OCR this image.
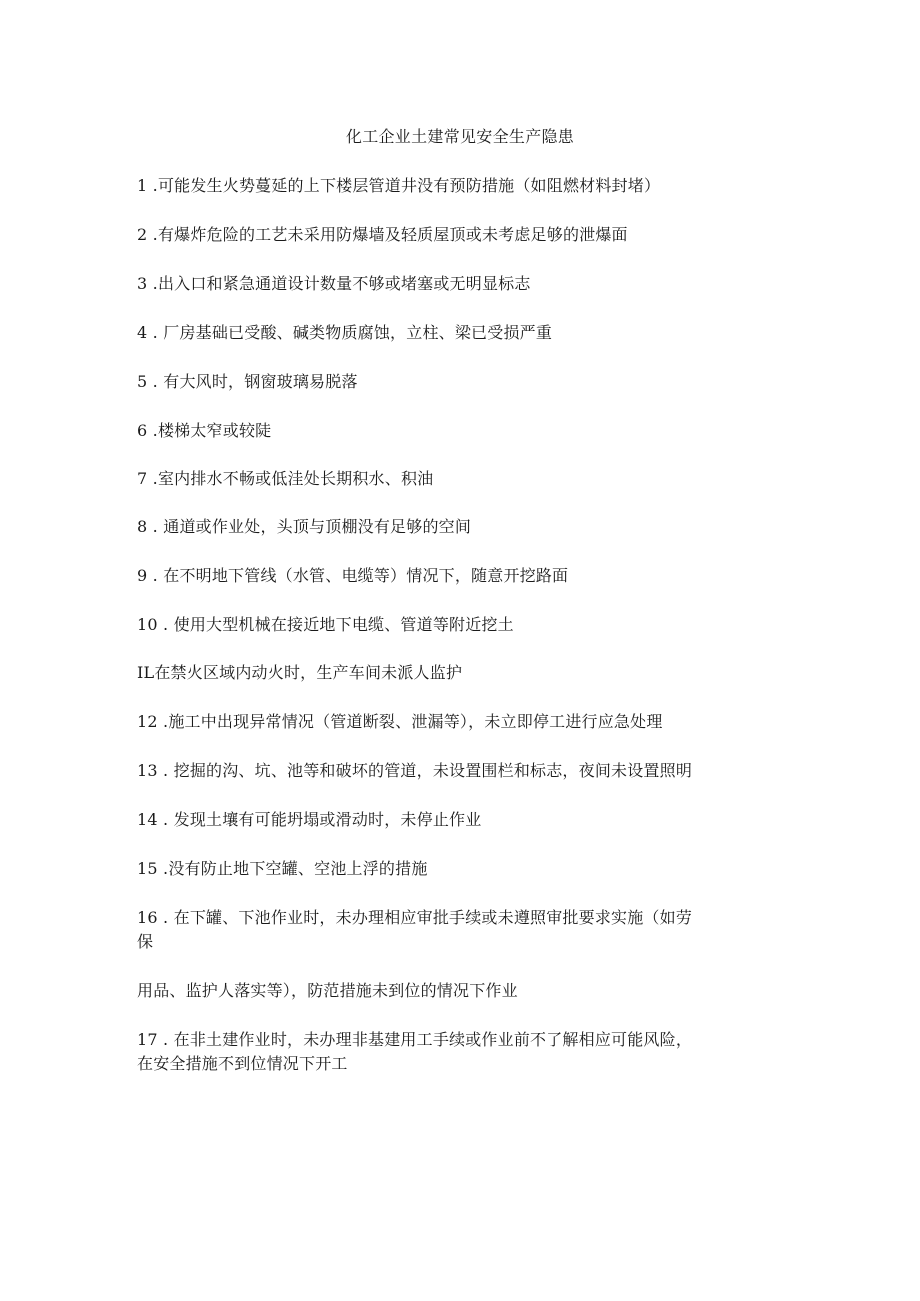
化工企业土建常见安全生产隐患
1 .可能发生火势蔓延的上下楼层管道井没有预防措施（如阻燃材料封堵）
2 .有爆炸危险的工艺未采用防爆墙及轻质屋顶或未考虑足够的泄爆面
3 .出入口和紧急通道设计数量不够或堵塞或无明显标志
4 . 厂房基础已受酸、碱类物质腐蚀，立柱、梁已受损严重
5 . 有大风时，钢窗玻璃易脱落
6 .楼梯太窄或较陡
7 .室内排水不畅或低洼处长期积水、积油
8 . 通道或作业处，头顶与顶棚没有足够的空间
9 . 在不明地下管线（水管、电缆等）情况下，随意开挖路面
10 . 使用大型机械在接近地下电缆、管道等附近挖土
IL在禁火区域内动火时，生产车间未派人监护
12 .施工中出现异常情况（管道断裂、泄漏等），未立即停工进行应急处理
13 . 挖掘的沟、坑、池等和破坏的管道，未设置围栏和标志，夜间未设置照明
14 . 发现土壤有可能坍塌或滑动时，未停止作业
15 .没有防止地下空罐、空池上浮的措施
16 . 在下罐、下池作业时，未办理相应审批手续或未遵照审批要求实施（如劳
保
用品、监护人落实等），防范措施未到位的情况下作业
17 . 在非土建作业时，未办理非基建用工手续或作业前不了解相应可能风险，
在安全措施不到位情况下开工
